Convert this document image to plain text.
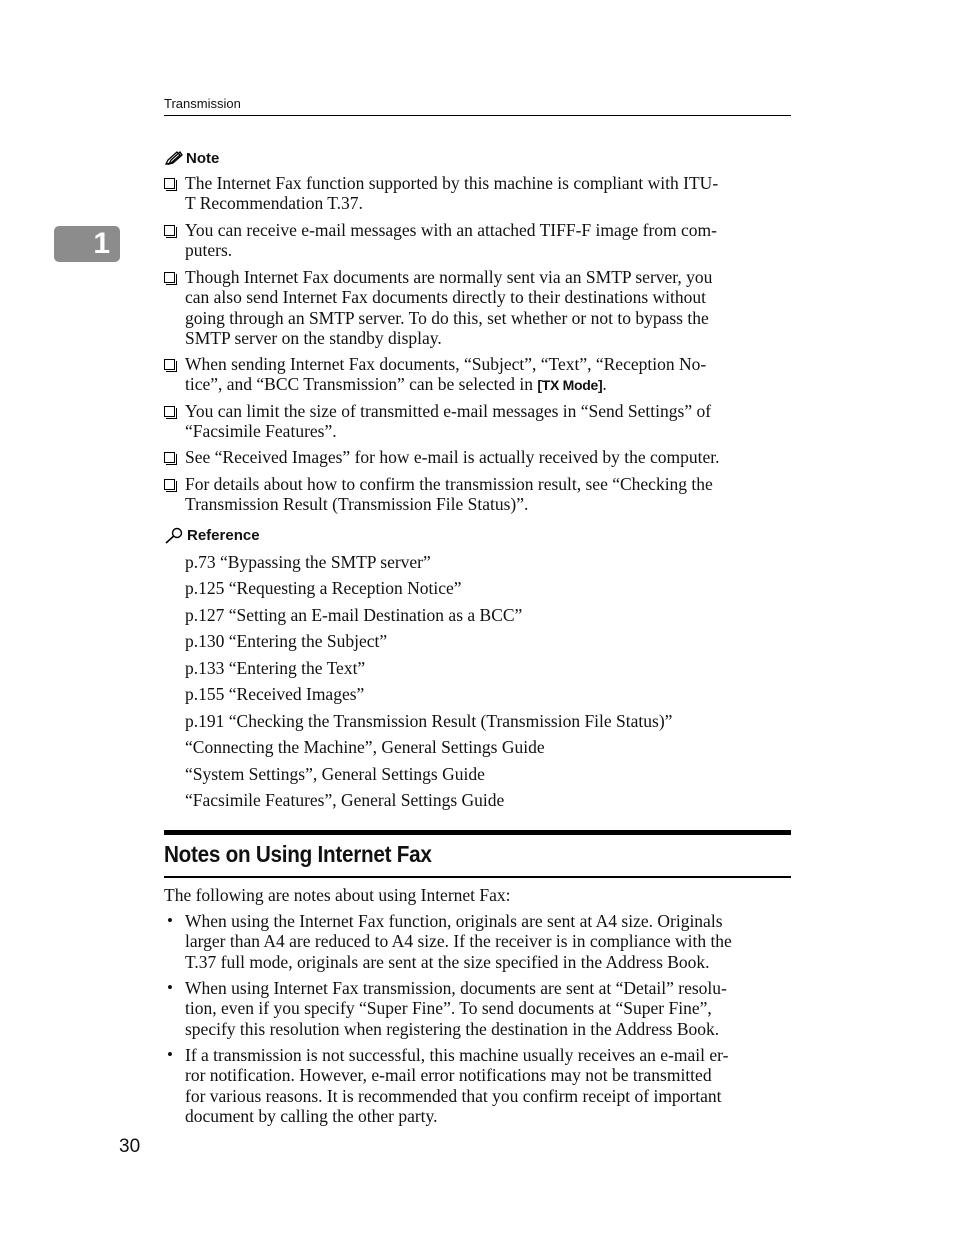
Transmission
1
Note
The Internet Fax function supported by this machine is compliant with ITU-
T Recommendation T.37.
You can receive e-mail messages with an attached TIFF-F image from com-
puters.
Though Internet Fax documents are normally sent via an SMTP server, you
can also send Internet Fax documents directly to their destinations without
going through an SMTP server. To do this, set whether or not to bypass the
SMTP server on the standby display.
When sending Internet Fax documents, “Subject”, “Text”, “Reception No-
tice”, and “BCC Transmission” can be selected in [TX Mode].
You can limit the size of transmitted e-mail messages in “Send Settings” of
“Facsimile Features”.
See “Received Images” for how e-mail is actually received by the computer.
For details about how to confirm the transmission result, see “Checking the
Transmission Result (Transmission File Status)”.
Reference
p.73 “Bypassing the SMTP server”
p.125 “Requesting a Reception Notice”
p.127 “Setting an E-mail Destination as a BCC”
p.130 “Entering the Subject”
p.133 “Entering the Text”
p.155 “Received Images”
p.191 “Checking the Transmission Result (Transmission File Status)”
“Connecting the Machine”, General Settings Guide
“System Settings”, General Settings Guide
“Facsimile Features”, General Settings Guide
Notes on Using Internet Fax
The following are notes about using Internet Fax:
• When using the Internet Fax function, originals are sent at A4 size. Originals
larger than A4 are reduced to A4 size. If the receiver is in compliance with the
T.37 full mode, originals are sent at the size specified in the Address Book.
• When using Internet Fax transmission, documents are sent at “Detail” resolu-
tion, even if you specify “Super Fine”. To send documents at “Super Fine”,
specify this resolution when registering the destination in the Address Book.
• If a transmission is not successful, this machine usually receives an e-mail er-
ror notification. However, e-mail error notifications may not be transmitted
for various reasons. It is recommended that you confirm receipt of important
document by calling the other party.
30
